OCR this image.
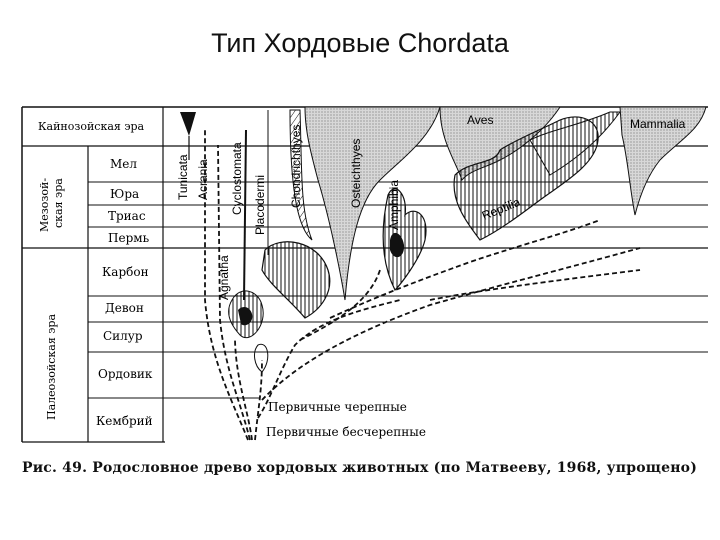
Тип Хордовые Chordata
Кайнозойская эра
Мезозой- ская эра
Палеозойская эра
Мел
Юра
Триас
Пермь
Карбон
Девон
Силур
Ордовик
Кембрий
Tunicata Acrania Cyclostomata
Agnatha
Placodermi Chondrichthyes	Osteichthyes Amphibia
Aves	Mammalia
Reptilia
Первичные черепные
Первичные бесчерепные
Рис. 49. Родословное древо хордовых животных (по Матвееву, 1968, упрощено)
